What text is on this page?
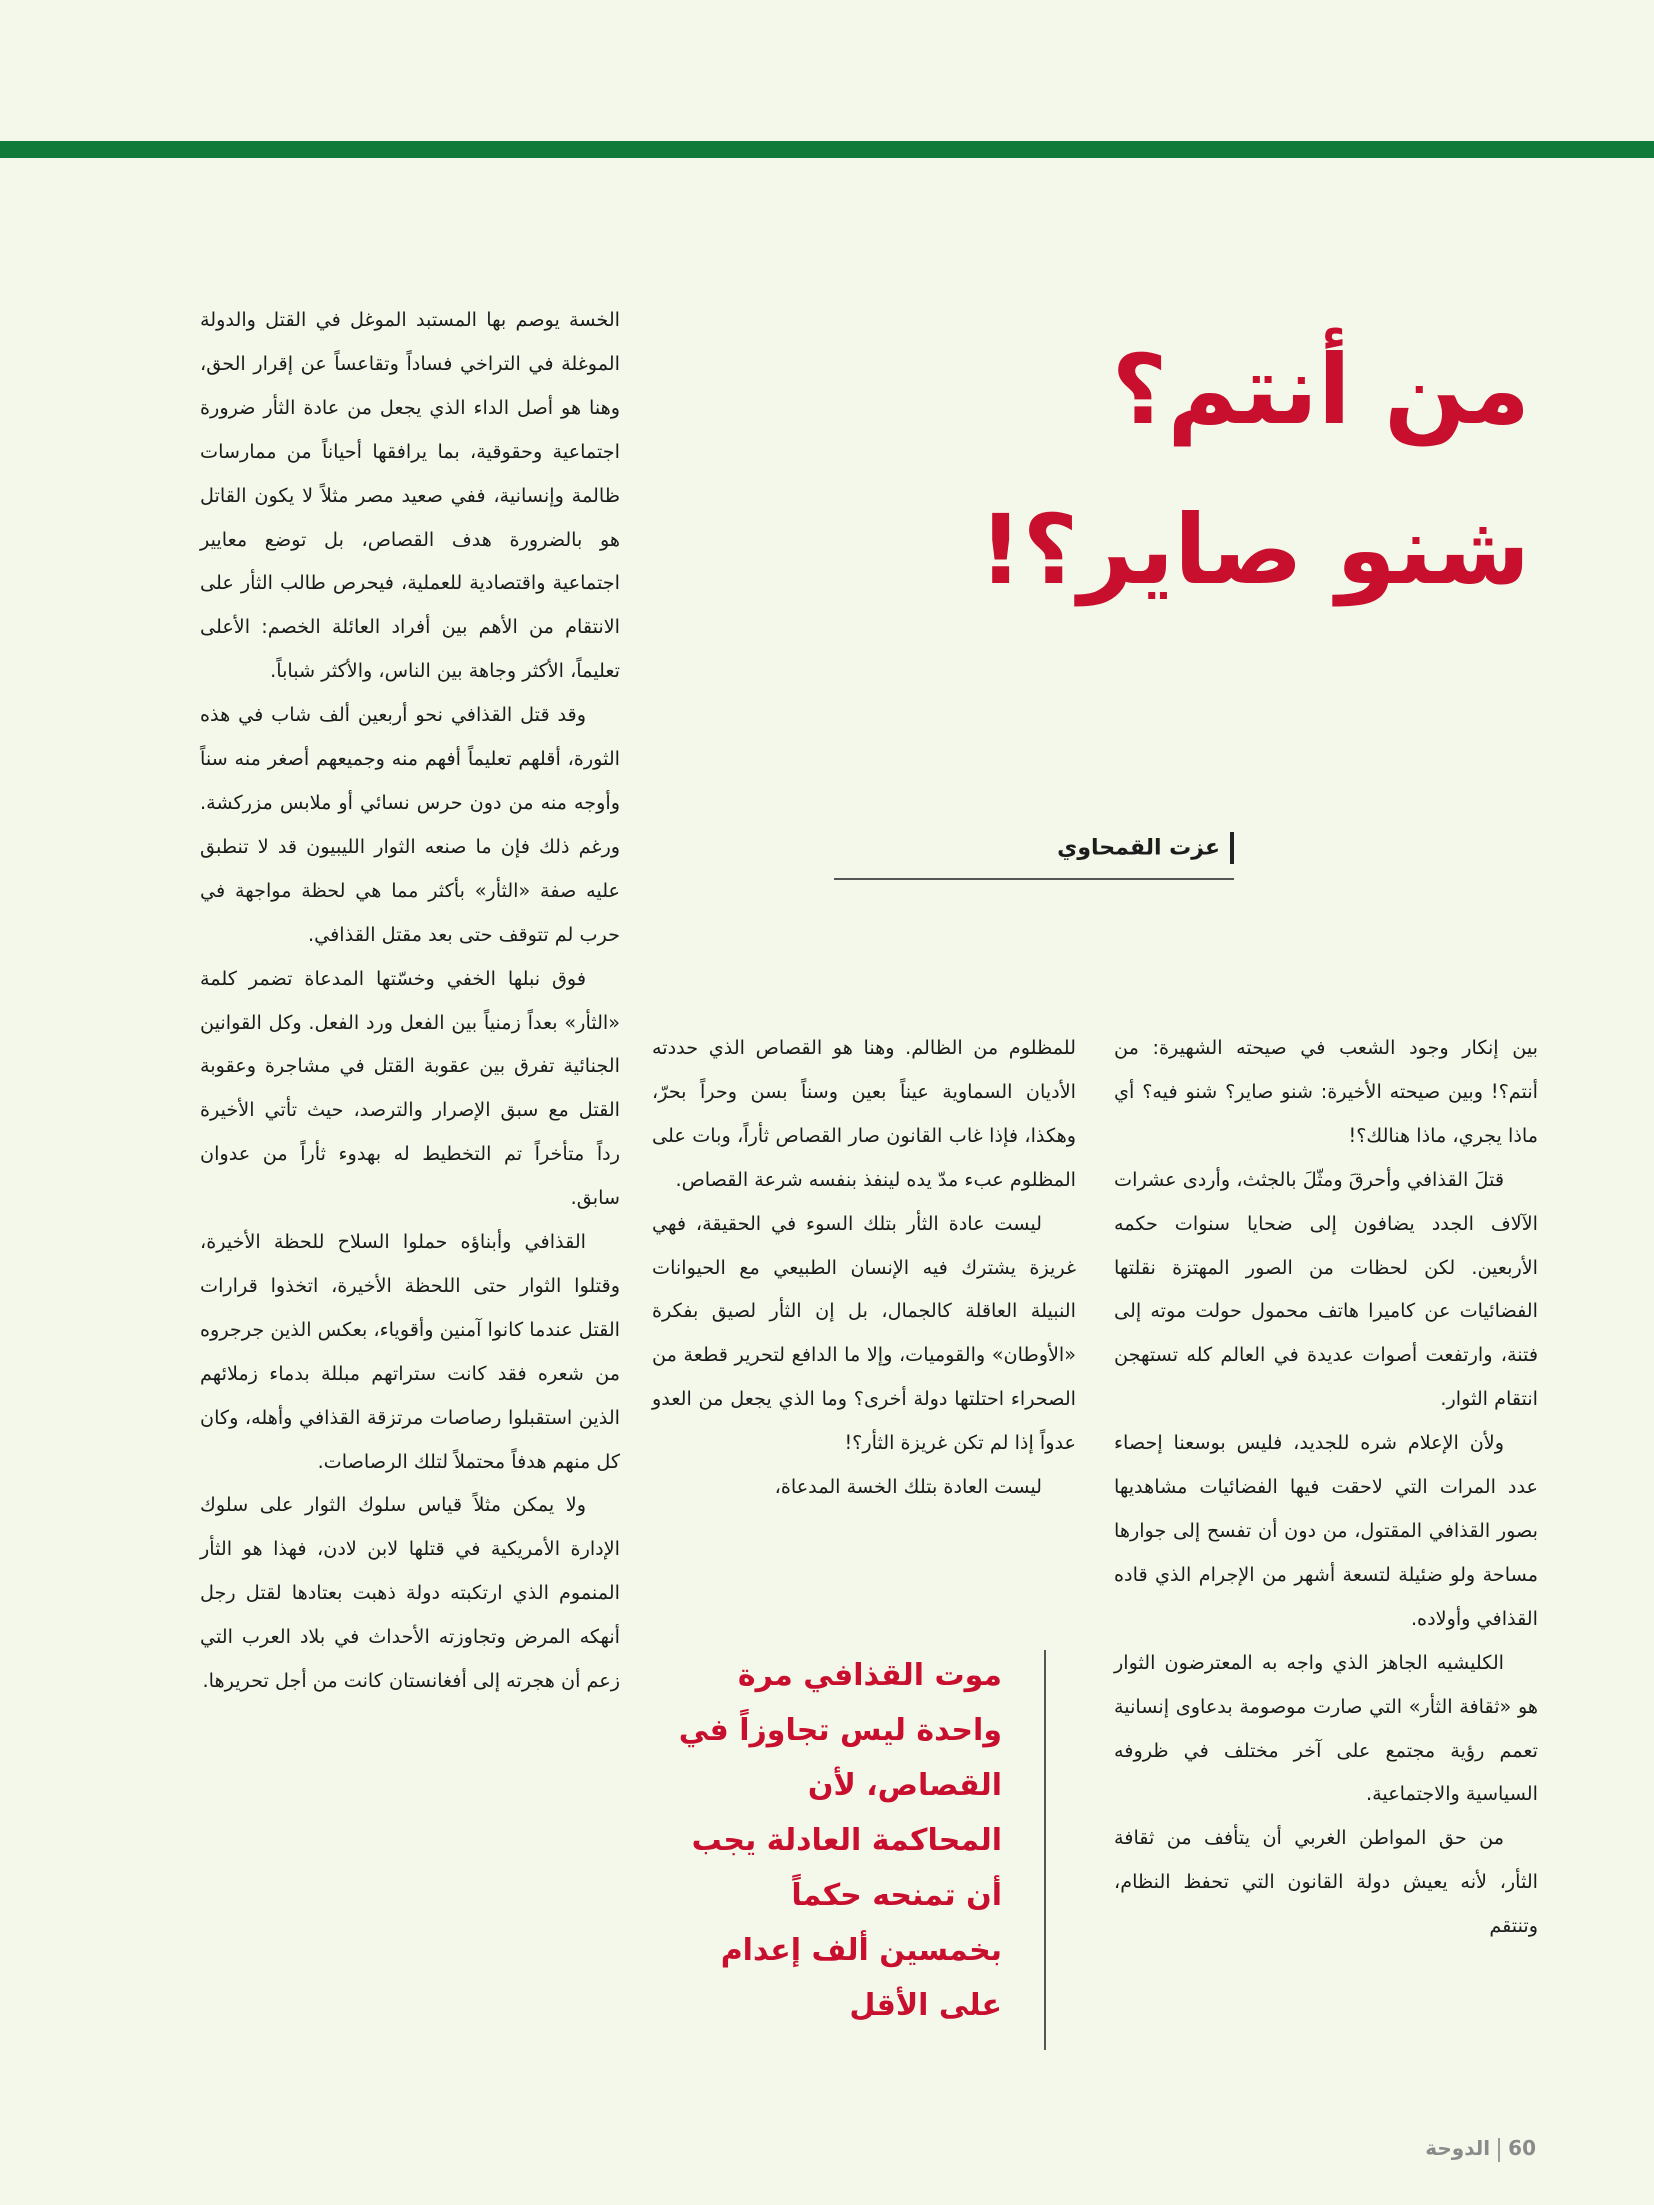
من أنتم؟
شنو صاير؟!
عزت القمحاوي

بين إنكار وجود الشعب في صيحته الشهيرة: من أنتم؟! وبين صيحته الأخيرة: شنو صاير؟ شنو فيه؟ أي ماذا يجري، ماذا هنالك؟!

قتلَ القذافي وأحرقَ ومثّلَ بالجثث، وأردى عشرات الآلاف الجدد يضافون إلى ضحايا سنوات حكمه الأربعين. لكن لحظات من الصور المهتزة نقلتها الفضائيات عن كاميرا هاتف محمول حولت موته إلى فتنة، وارتفعت أصوات عديدة في العالم كله تستهجن انتقام الثوار.

ولأن الإعلام شره للجديد، فليس بوسعنا إحصاء عدد المرات التي لاحقت فيها الفضائيات مشاهديها بصور القذافي المقتول، من دون أن تفسح إلى جوارها مساحة ولو ضئيلة لتسعة أشهر من الإجرام الذي قاده القذافي وأولاده.

الكليشيه الجاهز الذي واجه به المعترضون الثوار هو «ثقافة الثأر» التي صارت موصومة بدعاوى إنسانية تعمم رؤية مجتمع على آخر مختلف في ظروفه السياسية والاجتماعية.

من حق المواطن الغربي أن يتأفف من ثقافة الثأر، لأنه يعيش دولة القانون التي تحفظ النظام، وتنتقم

للمظلوم من الظالم. وهنا هو القصاص الذي حددته الأديان السماوية عيناً بعين وسناً بسن وحراً بحرّ، وهكذا، فإذا غاب القانون صار القصاص ثأراً، وبات على المظلوم عبء مدّ يده لينفذ بنفسه شرعة القصاص.

ليست عادة الثأر بتلك السوء في الحقيقة، فهي غريزة يشترك فيه الإنسان الطبيعي مع الحيوانات النبيلة العاقلة كالجمال، بل إن الثأر لصيق بفكرة «الأوطان» والقوميات، وإلا ما الدافع لتحرير قطعة من الصحراء احتلتها دولة أخرى؟ وما الذي يجعل من العدو عدواً إذا لم تكن غريزة الثأر؟!

ليست العادة بتلك الخسة المدعاة،

موت القذافي مرة واحدة ليس تجاوزاً في القصاص، لأن المحاكمة العادلة يجب أن تمنحه حكماً بخمسين ألف إعدام على الأقل

الخسة يوصم بها المستبد الموغل في القتل والدولة الموغلة في التراخي فساداً وتقاعساً عن إقرار الحق، وهنا هو أصل الداء الذي يجعل من عادة الثأر ضرورة اجتماعية وحقوقية، بما يرافقها أحياناً من ممارسات ظالمة وإنسانية، ففي صعيد مصر مثلاً لا يكون القاتل هو بالضرورة هدف القصاص، بل توضع معايير اجتماعية واقتصادية للعملية، فيحرص طالب الثأر على الانتقام من الأهم بين أفراد العائلة الخصم: الأعلى تعليماً، الأكثر وجاهة بين الناس، والأكثر شباباً.

وقد قتل القذافي نحو أربعين ألف شاب في هذه الثورة، أقلهم تعليماً أفهم منه وجميعهم أصغر منه سناً وأوجه منه من دون حرس نسائي أو ملابس مزركشة. ورغم ذلك فإن ما صنعه الثوار الليبيون قد لا تنطبق عليه صفة «الثأر» بأكثر مما هي لحظة مواجهة في حرب لم تتوقف حتى بعد مقتل القذافي.

فوق نبلها الخفي وخسّتها المدعاة تضمر كلمة «الثأر» بعداً زمنياً بين الفعل ورد الفعل. وكل القوانين الجنائية تفرق بين عقوبة القتل في مشاجرة وعقوبة القتل مع سبق الإصرار والترصد، حيث تأتي الأخيرة رداً متأخراً تم التخطيط له بهدوء ثأراً من عدوان سابق.

القذافي وأبناؤه حملوا السلاح للحظة الأخيرة، وقتلوا الثوار حتى اللحظة الأخيرة، اتخذوا قرارات القتل عندما كانوا آمنين وأقوياء، بعكس الذين جرجروه من شعره فقد كانت ستراتهم مبللة بدماء زملائهم الذين استقبلوا رصاصات مرتزقة القذافي وأهله، وكان كل منهم هدفاً محتملاً لتلك الرصاصات.

ولا يمكن مثلاً قياس سلوك الثوار على سلوك الإدارة الأمريكية في قتلها لابن لادن، فهذا هو الثأر المنموم الذي ارتكبته دولة ذهبت بعتادها لقتل رجل أنهكه المرض وتجاوزته الأحداث في بلاد العرب التي زعم أن هجرته إلى أفغانستان كانت من أجل تحريرها.

60الدوحة
